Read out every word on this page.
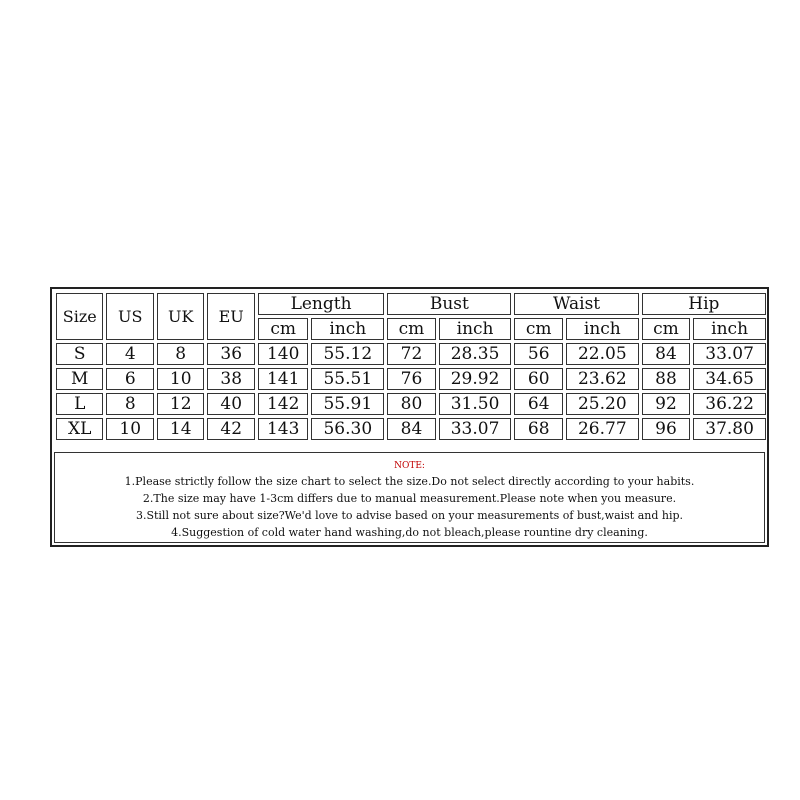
Size	US	UK	EU	Length		Bust		Waist		Hip	
				cm	inch	cm	inch	cm	inch	cm	inch
S	4	8	36	140	55.12	72	28.35	56	22.05	84	33.07
M	6	10	38	141	55.51	76	29.92	60	23.62	88	34.65
L	8	12	40	142	55.91	80	31.50	64	25.20	92	36.22
XL	10	14	42	143	56.30	84	33.07	68	26.77	96	37.80
NOTE:
1.Please strictly follow the size chart to select the size.Do not select directly according to your habits.
2.The size may have 1-3cm differs due to manual measurement.Please note when you measure.
3.Still not sure about size?We'd love to advise based on your measurements of bust,waist and hip.
4.Suggestion of cold water hand washing,do not bleach,please rountine dry cleaning.
